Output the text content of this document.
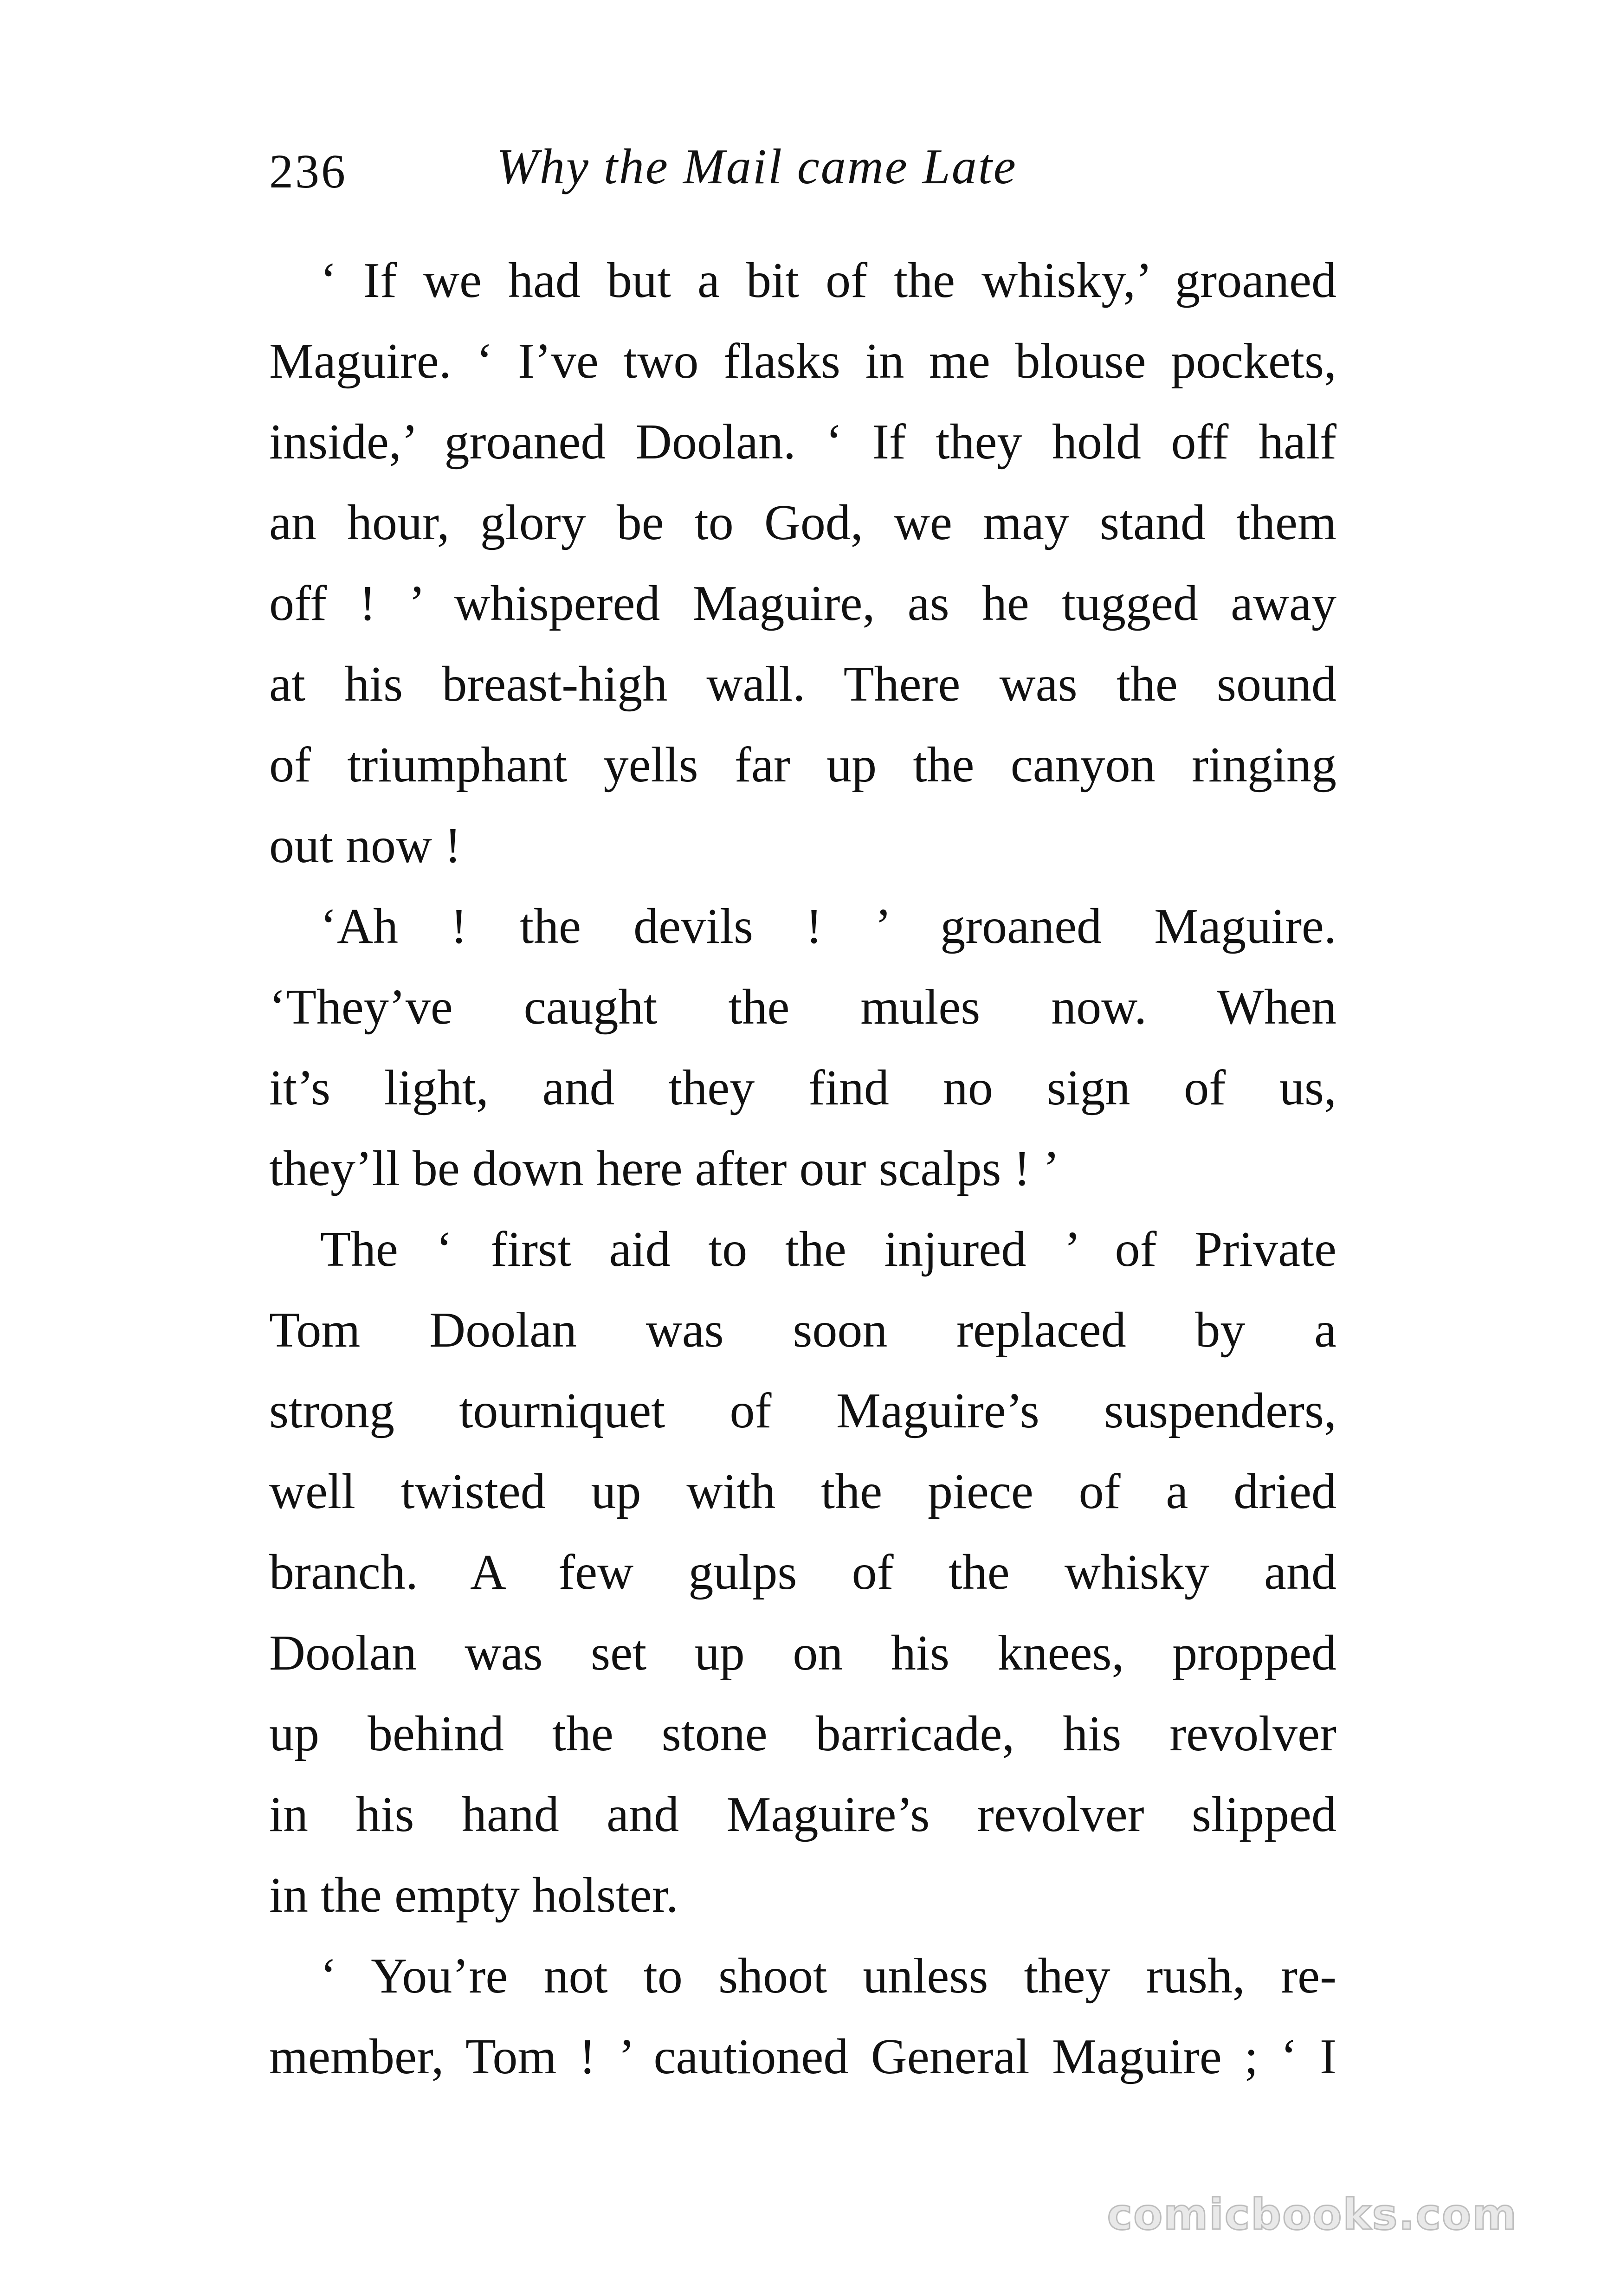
236	Why the Mail came Late
‘ If we had but a bit of the whisky,’ groaned
Maguire. ‘ I’ve two flasks in me blouse pockets,
inside,’ groaned Doolan. ‘ If they hold off half
an hour, glory be to God, we may stand them
off ! ’ whispered Maguire, as he tugged away
at his breast-high wall. There was the sound
of triumphant yells far up the canyon ringing
out now !
‘Ah ! the devils ! ’ groaned Maguire.
‘They’ve caught the mules now. When
it’s light, and they find no sign of us,
they’ll be down here after our scalps ! ’
The ‘ first aid to the injured ’ of Private
Tom Doolan was soon replaced by a
strong tourniquet of Maguire’s suspenders,
well twisted up with the piece of a dried
branch. A few gulps of the whisky and
Doolan was set up on his knees, propped
up behind the stone barricade, his revolver
in his hand and Maguire’s revolver slipped
in the empty holster.
‘ You’re not to shoot unless they rush, re-
member, Tom ! ’ cautioned General Maguire ; ‘ I
comicbooks.com
